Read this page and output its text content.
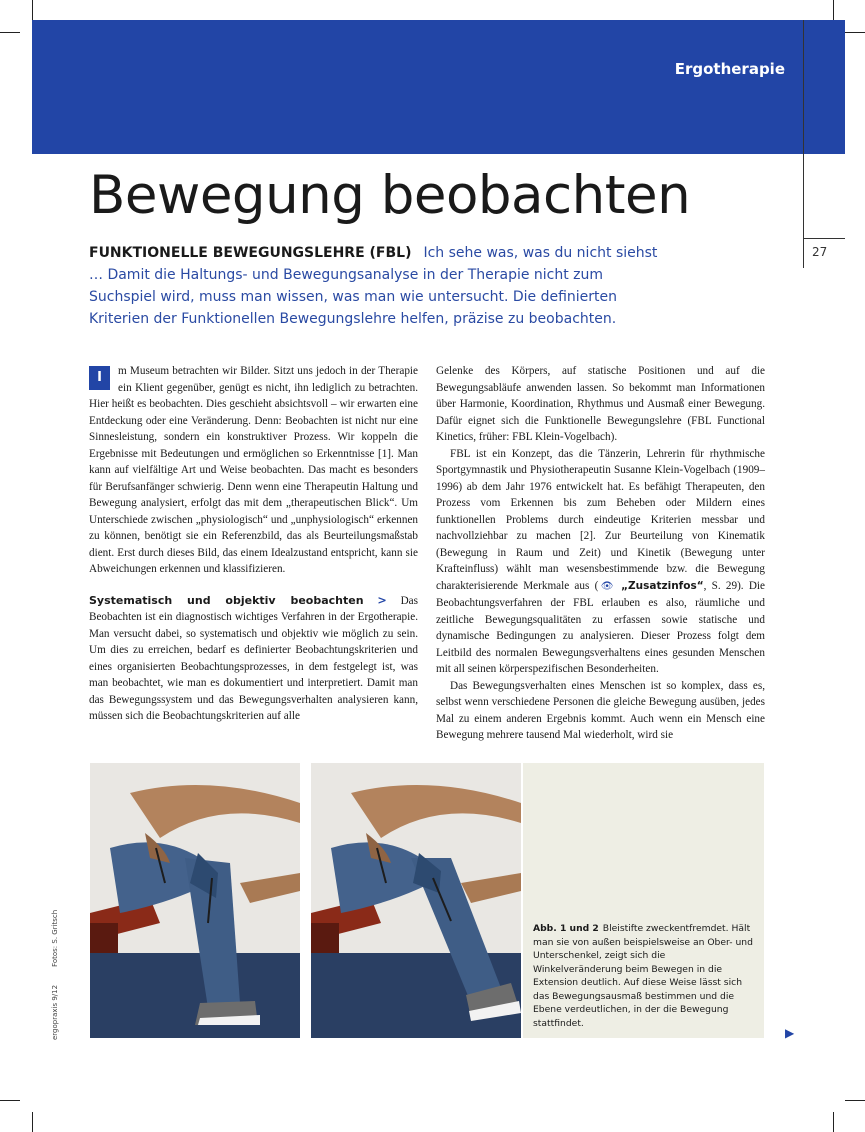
Ergotherapie
27
Bewegung beobachten
FUNKTIONELLE BEWEGUNGSLEHRE (FBL) Ich sehe was, was du nicht siehst … Damit die Haltungs- und Bewegungsanalyse in der Therapie nicht zum Suchspiel wird, muss man wissen, was man wie untersucht. Die definierten Kriterien der Funktionellen Bewegungslehre helfen, präzise zu beobachten.

I	m Museum betrachten wir Bilder. Sitzt uns jedoch in der Therapie ein Klient gegenüber, genügt es nicht, ihn lediglich zu betrachten. Hier heißt es beobachten. Dies geschieht absichtsvoll – wir erwarten eine Entdeckung oder eine Veränderung. Denn: Beobachten ist nicht nur eine Sinnesleistung, sondern ein konstruktiver Prozess. Wir koppeln die Ergebnisse mit Bedeutungen und ermöglichen so Erkenntnisse [1]. Man kann auf vielfältige Art und Weise beobachten. Das macht es besonders für Berufsanfänger schwierig. Denn wenn eine Therapeutin Haltung und Bewegung analysiert, erfolgt das mit dem „therapeutischen Blick“. Um Unterschiede zwischen „physiologisch“ und „unphysiologisch“ erkennen zu können, benötigt sie ein Referenzbild, das als Beurteilungsmaßstab dient. Erst durch dieses Bild, das einem Idealzustand entspricht, kann sie Abweichungen erkennen und klassifizieren.

Systematisch und objektiv beobachten > Das Beobachten ist ein diagnostisch wichtiges Verfahren in der Ergotherapie. Man versucht dabei, so systematisch und objektiv wie möglich zu sein. Um dies zu erreichen, bedarf es definierter Beobachtungskriterien und eines organisierten Beobachtungsprozesses, in dem festgelegt ist, was man beobachtet, wie man es dokumentiert und interpretiert. Damit man das Bewegungssystem und das Bewegungsverhalten analysieren kann, müssen sich die Beobachtungskriterien auf alle

Gelenke des Körpers, auf statische Positionen und auf die Bewegungsabläufe anwenden lassen. So bekommt man Informationen über Harmonie, Koordination, Rhythmus und Ausmaß einer Bewegung. Dafür eignet sich die Funktionelle Bewegungslehre (FBL Functional Kinetics, früher: FBL Klein-Vogelbach).

FBL ist ein Konzept, das die Tänzerin, Lehrerin für rhythmische Sportgymnastik und Physiotherapeutin Susanne Klein-Vogelbach (1909–1996) ab dem Jahr 1976 entwickelt hat. Es befähigt Therapeuten, den Prozess vom Erkennen bis zum Beheben oder Mildern eines funktionellen Problems durch eindeutige Kriterien messbar und nachvollziehbar zu machen [2]. Zur Beurteilung von Kinematik (Bewegung in Raum und Zeit) und Kinetik (Bewegung unter Krafteinfluss) wählt man wesensbestimmende bzw. die Bewegung charakterisierende Merkmale aus (👁 „Zusatzinfos“, S. 29). Die Beobachtungsverfahren der FBL erlauben es also, räumliche und zeitliche Bewegungsqualitäten zu erfassen sowie statische und dynamische Bedingungen zu analysieren. Dieser Prozess folgt dem Leitbild des normalen Bewegungsverhaltens eines gesunden Menschen mit all seinen körperspezifischen Besonderheiten.

Das Bewegungsverhalten eines Menschen ist so komplex, dass es, selbst wenn verschiedene Personen die gleiche Bewegung ausüben, jedes Mal zu einem anderen Ergebnis kommt. Auch wenn ein Mensch eine Bewegung mehrere tausend Mal wiederholt, wird sie

Abb. 1 und 2 Bleistifte zweckentfremdet. Hält man sie von außen beispielsweise an Ober- und Unterschenkel, zeigt sich die Winkelveränderung beim Bewegen in die Extension deutlich. Auf diese Weise lässt sich das Bewegungsausmaß bestimmen und die Ebene verdeutlichen, in der die Bewegung stattfindet.
ergopraxis 9/12Fotos: S. Gritsch
▶
